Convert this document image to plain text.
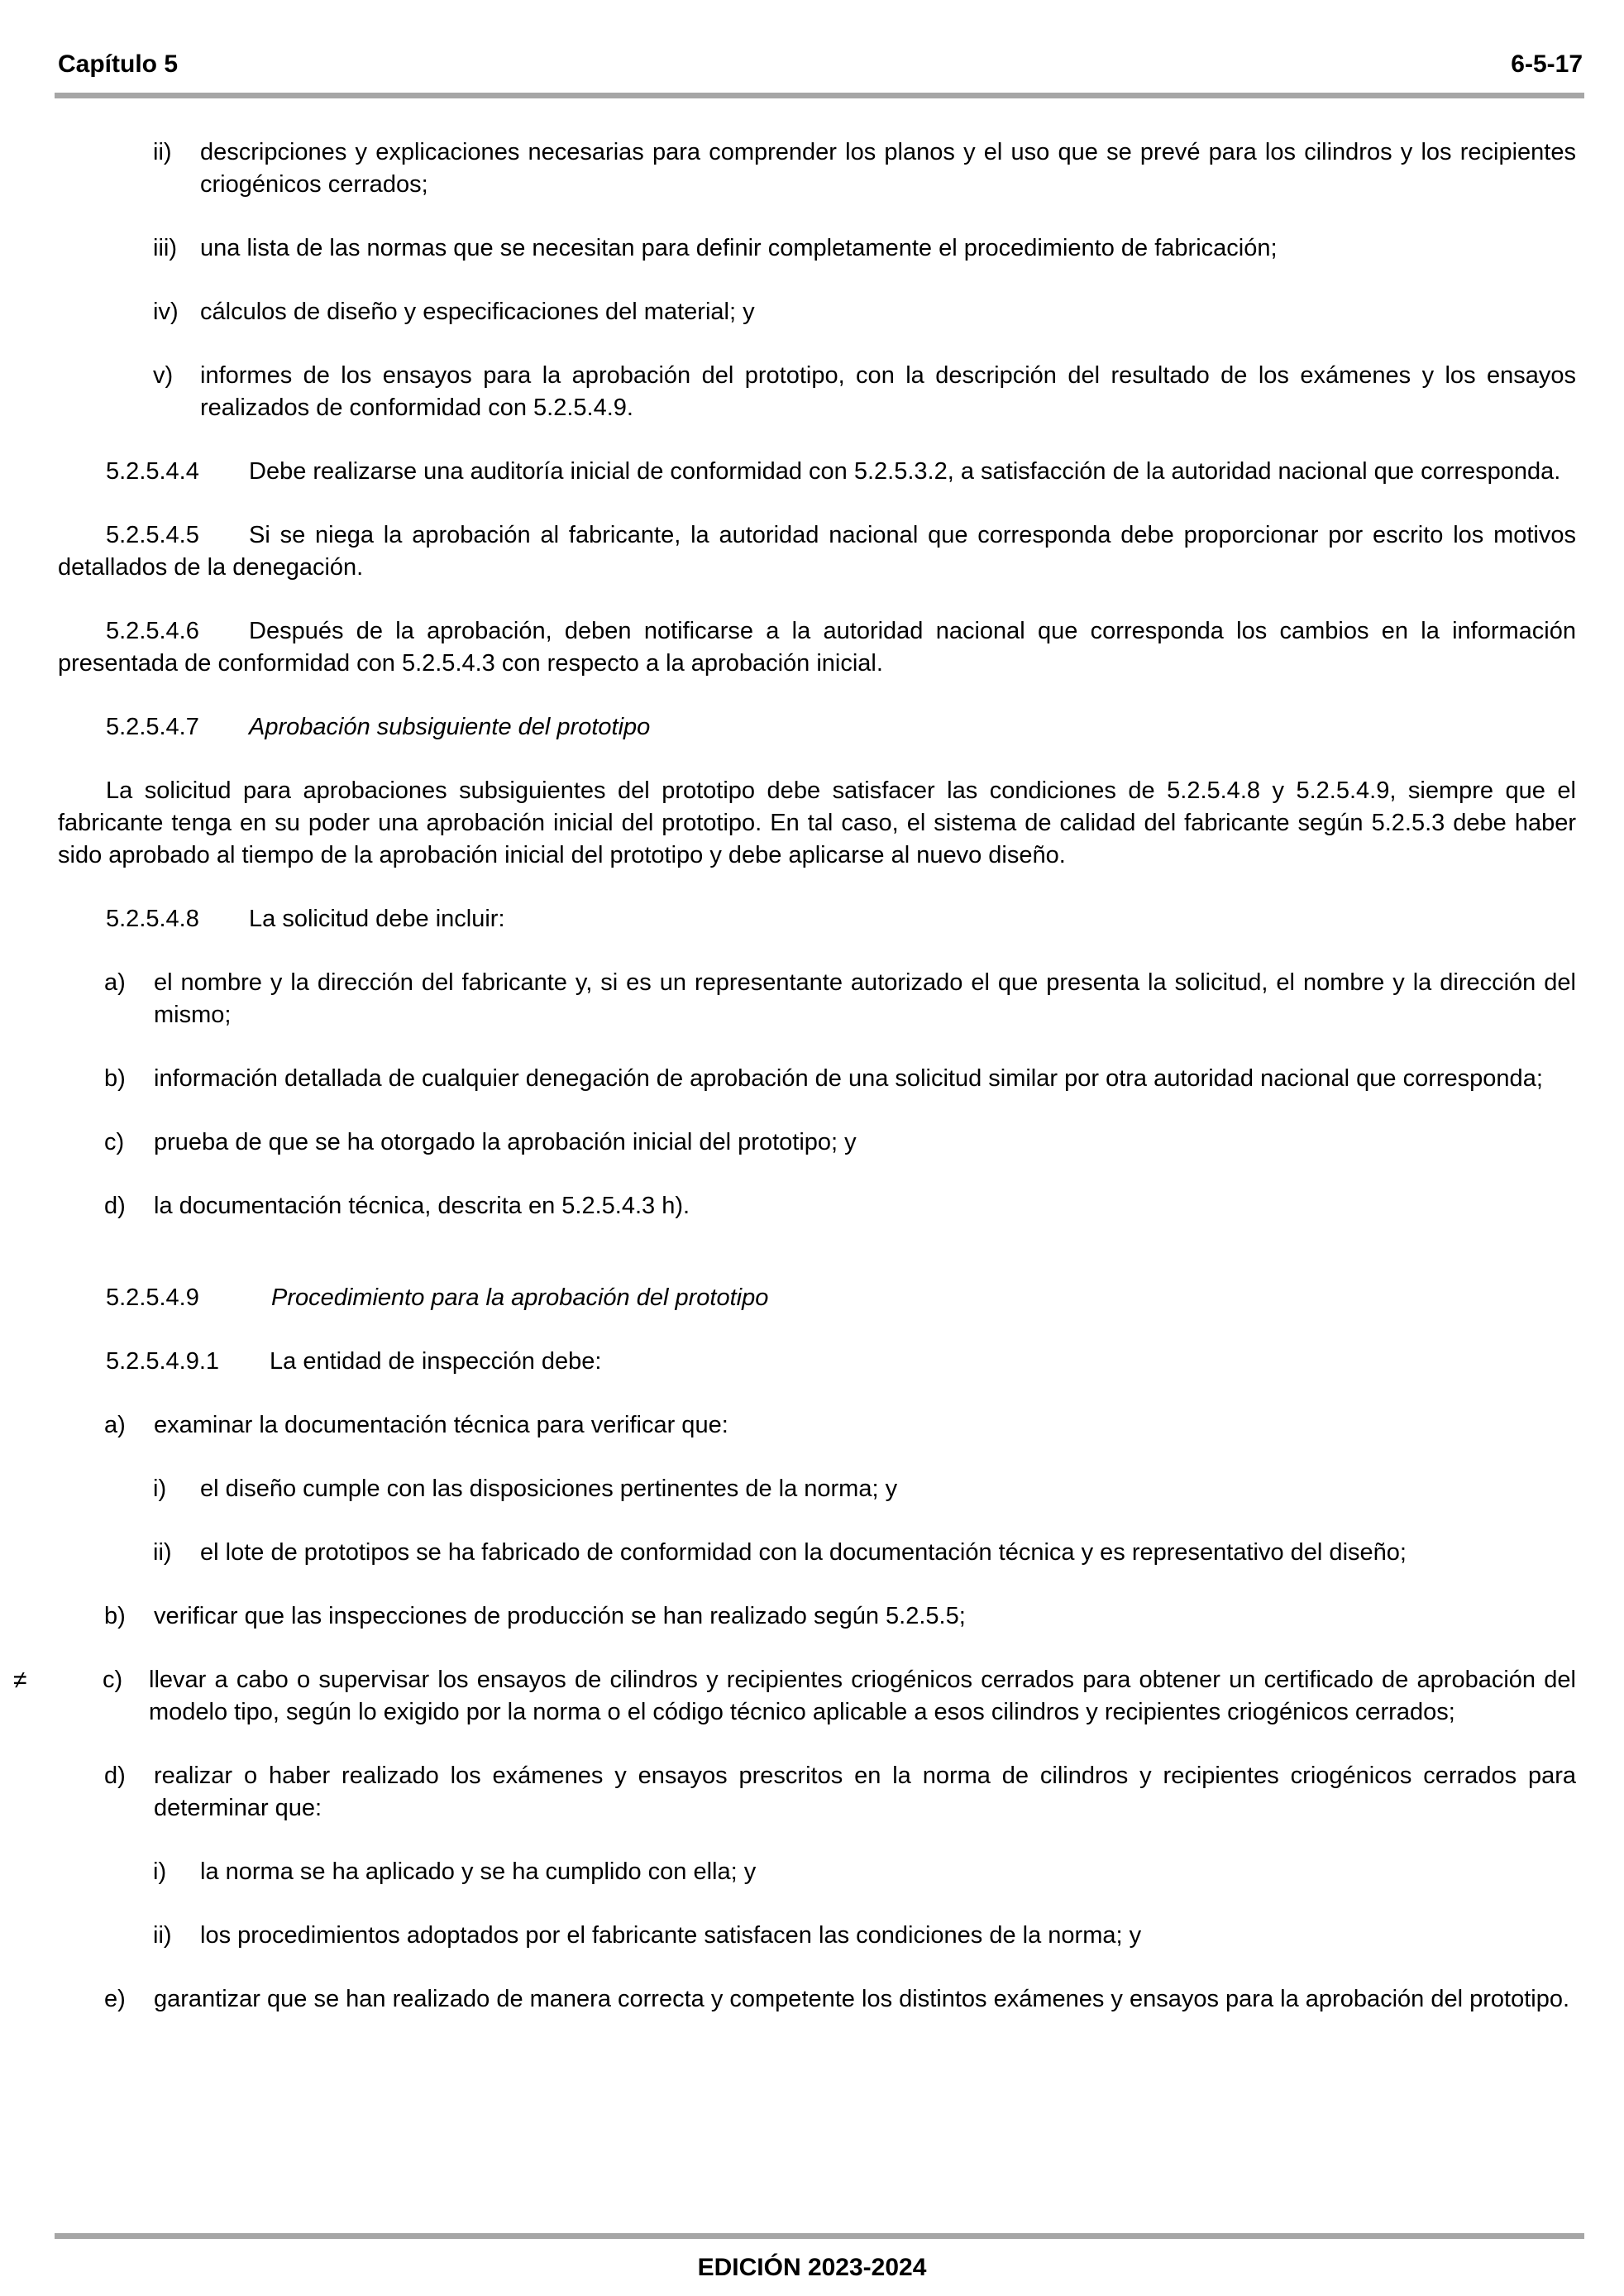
Capítulo 5	6-5-17
ii) descripciones y explicaciones necesarias para comprender los planos y el uso que se prevé para los cilindros y los recipientes criogénicos cerrados;
iii) una lista de las normas que se necesitan para definir completamente el procedimiento de fabricación;
iv) cálculos de diseño y especificaciones del material; y
v) informes de los ensayos para la aprobación del prototipo, con la descripción del resultado de los exámenes y los ensayos realizados de conformidad con 5.2.5.4.9.

5.2.5.4.4 Debe realizarse una auditoría inicial de conformidad con 5.2.5.3.2, a satisfacción de la autoridad nacional que corresponda.

5.2.5.4.5 Si se niega la aprobación al fabricante, la autoridad nacional que corresponda debe proporcionar por escrito los motivos detallados de la denegación.

5.2.5.4.6 Después de la aprobación, deben notificarse a la autoridad nacional que corresponda los cambios en la información presentada de conformidad con 5.2.5.4.3 con respecto a la aprobación inicial.

5.2.5.4.7 Aprobación subsiguiente del prototipo

La solicitud para aprobaciones subsiguientes del prototipo debe satisfacer las condiciones de 5.2.5.4.8 y 5.2.5.4.9, siempre que el fabricante tenga en su poder una aprobación inicial del prototipo. En tal caso, el sistema de calidad del fabricante según 5.2.5.3 debe haber sido aprobado al tiempo de la aprobación inicial del prototipo y debe aplicarse al nuevo diseño.

5.2.5.4.8 La solicitud debe incluir:

a) el nombre y la dirección del fabricante y, si es un representante autorizado el que presenta la solicitud, el nombre y la dirección del mismo;
b) información detallada de cualquier denegación de aprobación de una solicitud similar por otra autoridad nacional que corresponda;
c) prueba de que se ha otorgado la aprobación inicial del prototipo; y
d) la documentación técnica, descrita en 5.2.5.4.3 h).

5.2.5.4.9	Procedimiento para la aprobación del prototipo

5.2.5.4.9.1 La entidad de inspección debe:

a) examinar la documentación técnica para verificar que:
i) el diseño cumple con las disposiciones pertinentes de la norma; y
ii) el lote de prototipos se ha fabricado de conformidad con la documentación técnica y es representativo del diseño;
b) verificar que las inspecciones de producción se han realizado según 5.2.5.5;
≠	c) llevar a cabo o supervisar los ensayos de cilindros y recipientes criogénicos cerrados para obtener un certificado de aprobación del modelo tipo, según lo exigido por la norma o el código técnico aplicable a esos cilindros y recipientes criogénicos cerrados;
d) realizar o haber realizado los exámenes y ensayos prescritos en la norma de cilindros y recipientes criogénicos cerrados para determinar que:
i) la norma se ha aplicado y se ha cumplido con ella; y
ii) los procedimientos adoptados por el fabricante satisfacen las condiciones de la norma; y
e) garantizar que se han realizado de manera correcta y competente los distintos exámenes y ensayos para la aprobación del prototipo.
EDICIÓN 2023-2024
